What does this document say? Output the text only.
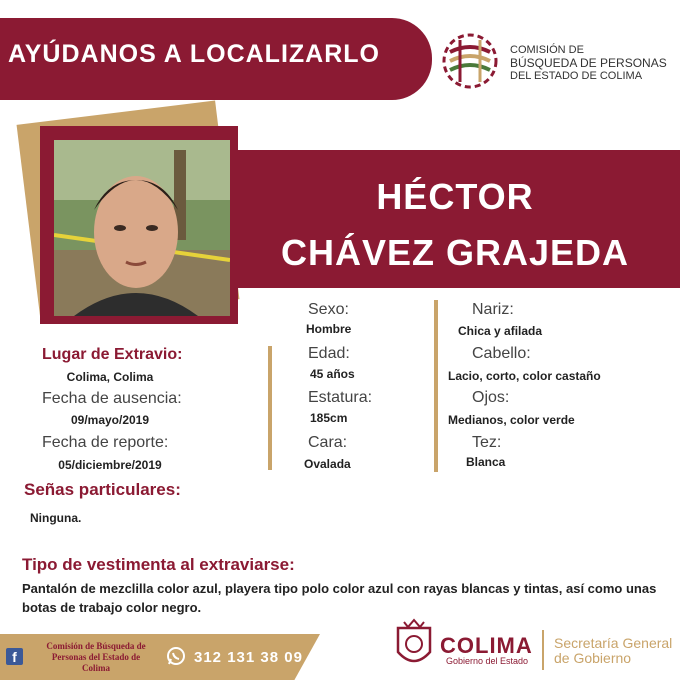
AYÚDANOS A LOCALIZARLO	COMISIÓN DE
BÚSQUEDA DE PERSONAS
DEL ESTADO DE COLIMA
HÉCTOR
CHÁVEZ GRAJEDA
Lugar de Extravio:
Colima, Colima
Fecha de ausencia:
09/mayo/2019
Fecha de reporte:
05/diciembre/2019
Sexo:
Hombre
Edad:
45 años
Estatura:
185cm
Cara:
Ovalada
Nariz:
Chica y afilada
Cabello:
Lacio, corto, color castaño
Ojos:
Medianos, color verde
Tez:
Blanca
Señas particulares:
Ninguna.
Tipo de vestimenta al extraviarse:
Pantalón de mezclilla color azul, playera tipo polo color azul con rayas blancas y tintas, así como unas botas de trabajo color negro.
f
Comisión de Búsqueda de
Personas del Estado de
Colima
312 131 38 09	COLIMA
Gobierno del Estado
Secretaría General
de Gobierno
